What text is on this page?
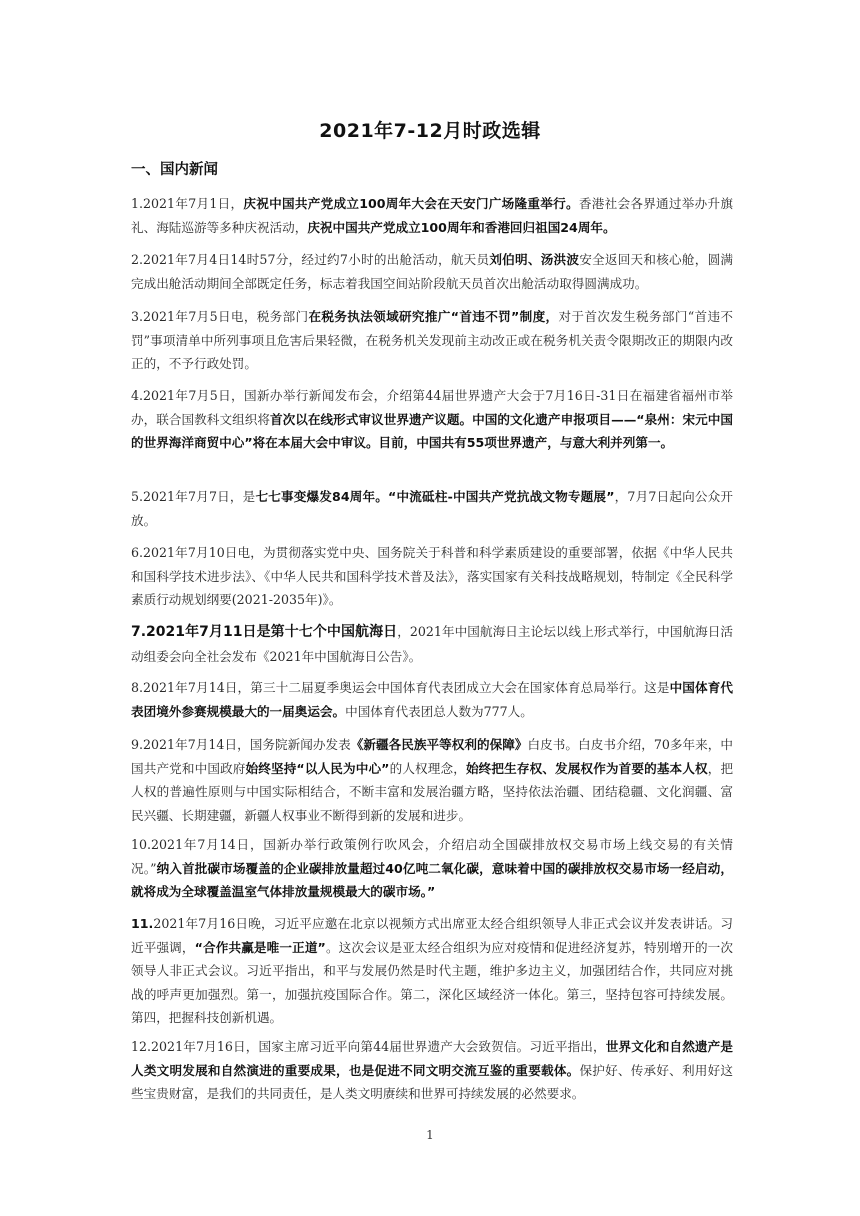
2021年7-12月时政选辑
一、国内新闻
1.2021年7月1日，庆祝中国共产党成立100周年大会在天安门广场隆重举行。香港社会各界通过举办升旗礼、海陆巡游等多种庆祝活动，庆祝中国共产党成立100周年和香港回归祖国24周年。
2.2021年7月4日14时57分，经过约7小时的出舱活动，航天员刘伯明、汤洪波安全返回天和核心舱，圆满完成出舱活动期间全部既定任务，标志着我国空间站阶段航天员首次出舱活动取得圆满成功。
3.2021年7月5日电，税务部门在税务执法领域研究推广“首违不罚”制度，对于首次发生税务部门“首违不罚”事项清单中所列事项且危害后果轻微，在税务机关发现前主动改正或在税务机关责令限期改正的期限内改正的，不予行政处罚。
4.2021年7月5日，国新办举行新闻发布会，介绍第44届世界遗产大会于7月16日-31日在福建省福州市举办，联合国教科文组织将首次以在线形式审议世界遗产议题。中国的文化遗产申报项目——“泉州：宋元中国的世界海洋商贸中心”将在本届大会中审议。目前，中国共有55项世界遗产，与意大利并列第一。
5.2021年7月7日，是七七事变爆发84周年。“中流砥柱-中国共产党抗战文物专题展”，7月7日起向公众开放。
6.2021年7月10日电，为贯彻落实党中央、国务院关于科普和科学素质建设的重要部署，依据《中华人民共和国科学技术进步法》、《中华人民共和国科学技术普及法》，落实国家有关科技战略规划，特制定《全民科学素质行动规划纲要(2021-2035年)》。
7.2021年7月11日是第十七个中国航海日，2021年中国航海日主论坛以线上形式举行，中国航海日活动组委会向全社会发布《2021年中国航海日公告》。
8.2021年7月14日，第三十二届夏季奥运会中国体育代表团成立大会在国家体育总局举行。这是中国体育代表团境外参赛规模最大的一届奥运会。中国体育代表团总人数为777人。
9.2021年7月14日，国务院新闻办发表《新疆各民族平等权利的保障》白皮书。白皮书介绍，70多年来，中国共产党和中国政府始终坚持“以人民为中心”的人权理念，始终把生存权、发展权作为首要的基本人权，把人权的普遍性原则与中国实际相结合，不断丰富和发展治疆方略，坚持依法治疆、团结稳疆、文化润疆、富民兴疆、长期建疆，新疆人权事业不断得到新的发展和进步。
10.2021年7月14日，国新办举行政策例行吹风会，介绍启动全国碳排放权交易市场上线交易的有关情况。”纳入首批碳市场覆盖的企业碳排放量超过40亿吨二氧化碳，意味着中国的碳排放权交易市场一经启动，就将成为全球覆盖温室气体排放量规模最大的碳市场。”
11.2021年7月16日晚，习近平应邀在北京以视频方式出席亚太经合组织领导人非正式会议并发表讲话。习近平强调，“合作共赢是唯一正道”。这次会议是亚太经合组织为应对疫情和促进经济复苏，特别增开的一次领导人非正式会议。习近平指出，和平与发展仍然是时代主题，维护多边主义，加强团结合作，共同应对挑战的呼声更加强烈。第一，加强抗疫国际合作。第二，深化区域经济一体化。第三，坚持包容可持续发展。第四，把握科技创新机遇。
12.2021年7月16日，国家主席习近平向第44届世界遗产大会致贺信。习近平指出，世界文化和自然遗产是人类文明发展和自然演进的重要成果，也是促进不同文明交流互鉴的重要载体。保护好、传承好、利用好这些宝贵财富，是我们的共同责任，是人类文明赓续和世界可持续发展的必然要求。
1
